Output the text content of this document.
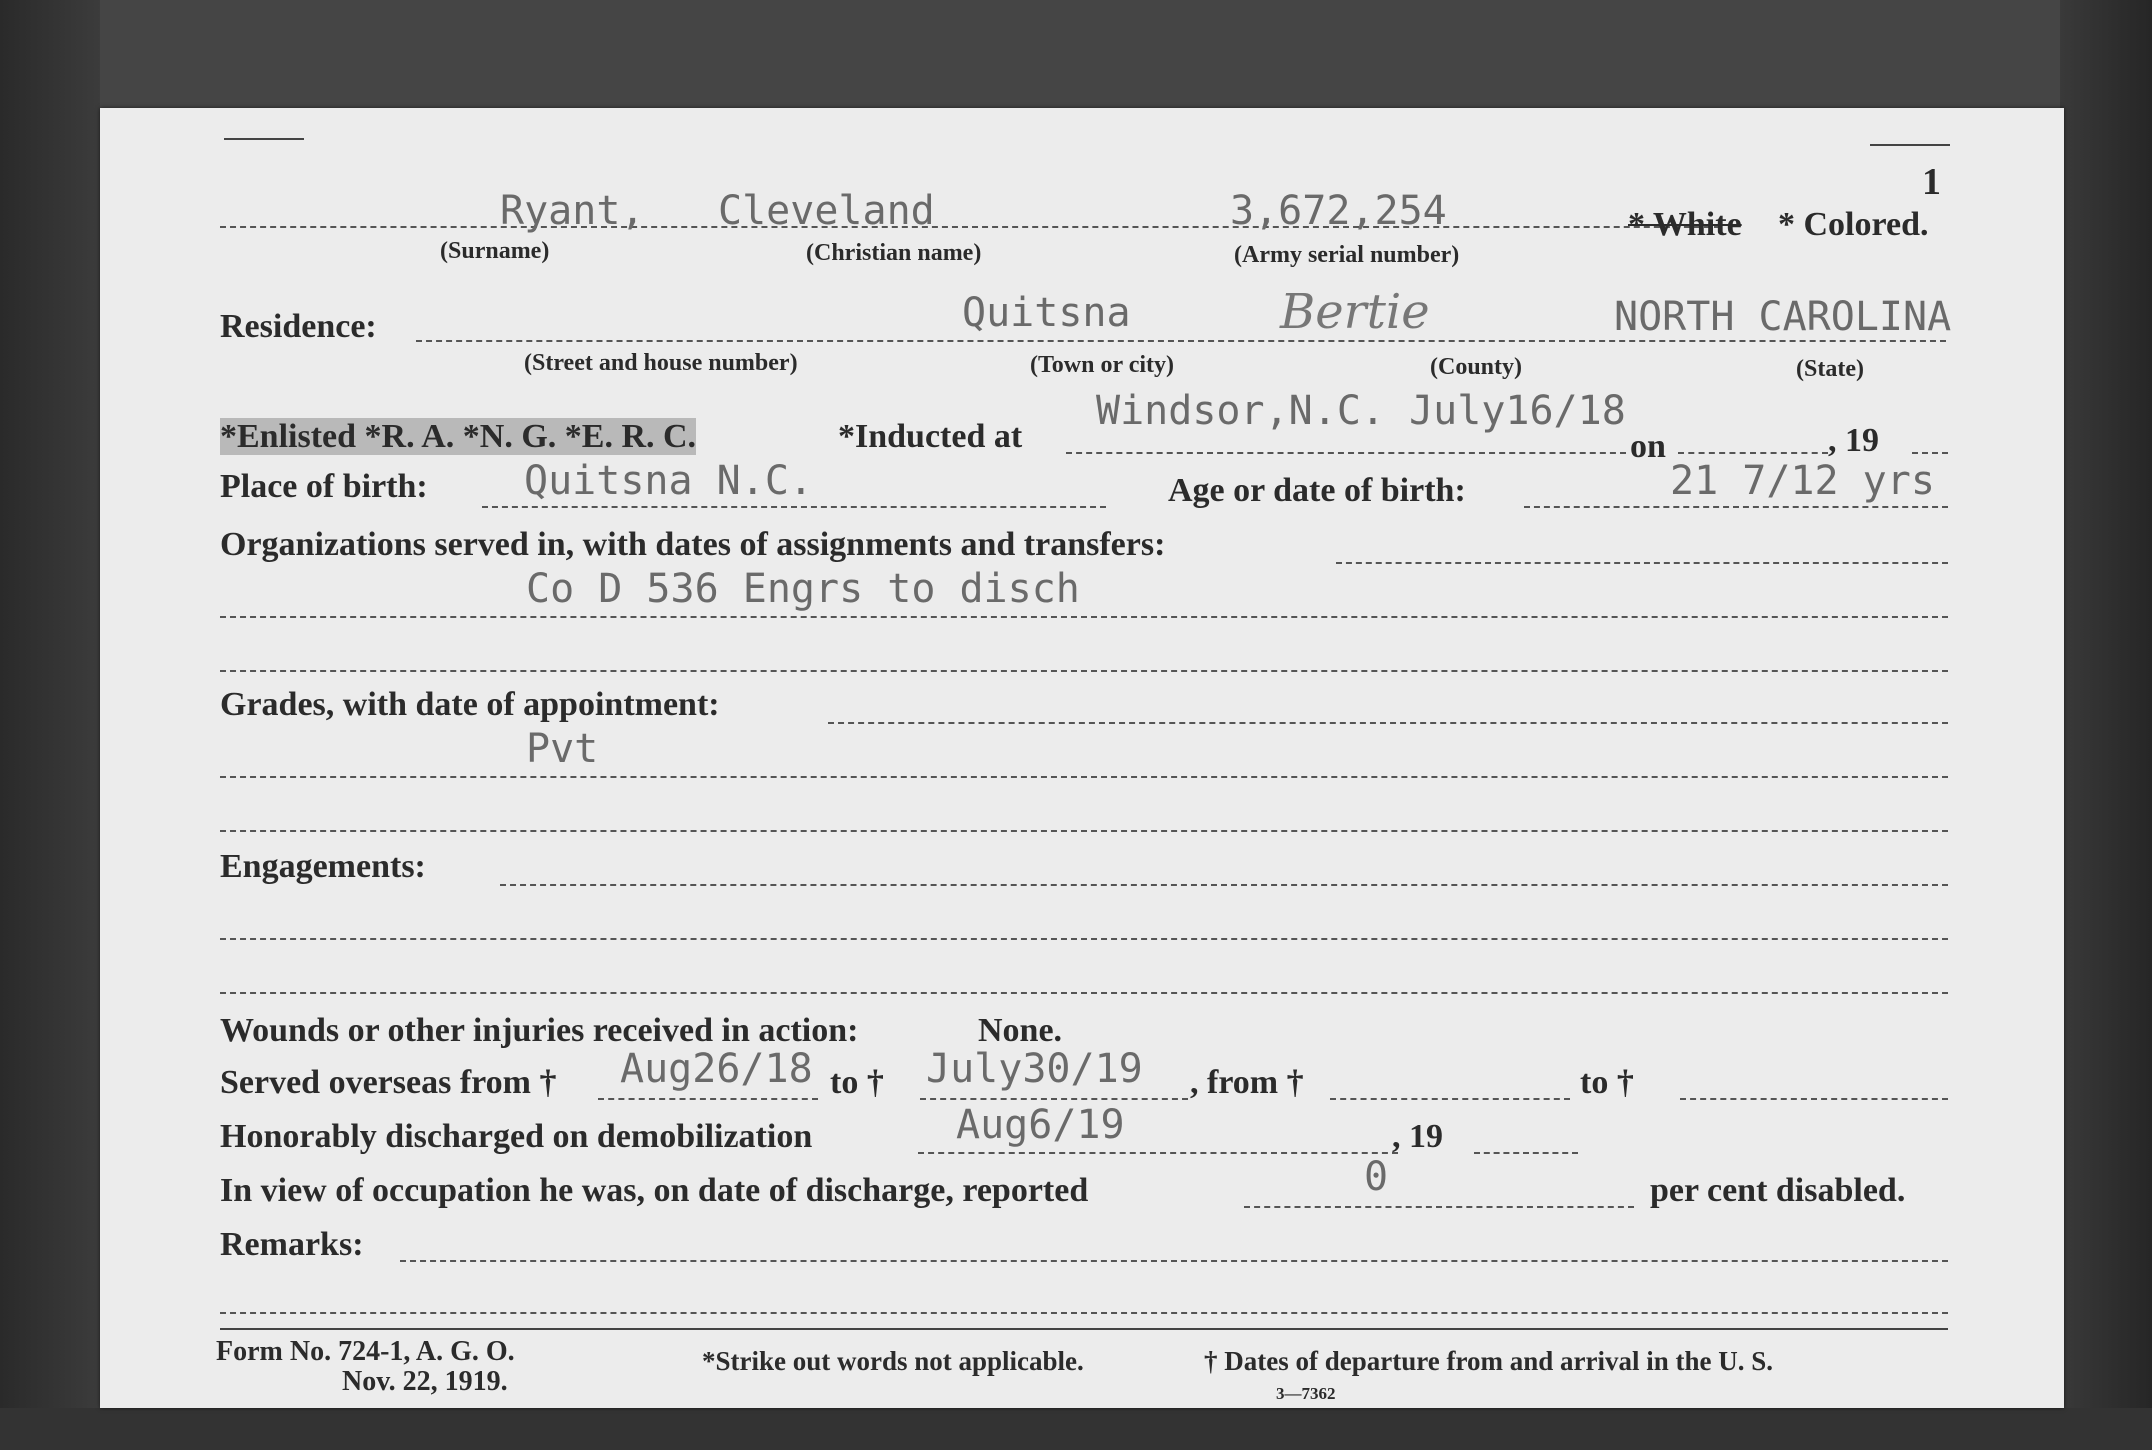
1
Ryant, Cleveland	3,672,254	* White * Colored.
(Surname)	(Christian name)	(Army serial number)
Residence:	Quitsna	Bertie	NORTH CAROLINA
(Street and house number)	(Town or city)	(County)	(State)
*Enlisted *R. A. *N. G. *E. R. C.	*Inducted at
Windsor,N.C. July16/18
on	, 19
Place of birth: Quitsna N.C.	Age or date of birth:	21 7/12 yrs
Organizations served in, with dates of assignments and transfers:
Co D 536 Engrs to disch
Grades, with date of appointment:
Pvt
Engagements:
Wounds or other injuries received in action:	None.
Served overseas from † Aug26/18 to † July30/19 , from †	to †
Honorably discharged on demobilization	Aug6/19	, 19
In view of occupation he was, on date of discharge, reported	0	per cent disabled.
Remarks:
Form No. 724-1, A. G. O.
Nov. 22, 1919.
*Strike out words not applicable.	† Dates of departure from and arrival in the U. S.
3—7362
